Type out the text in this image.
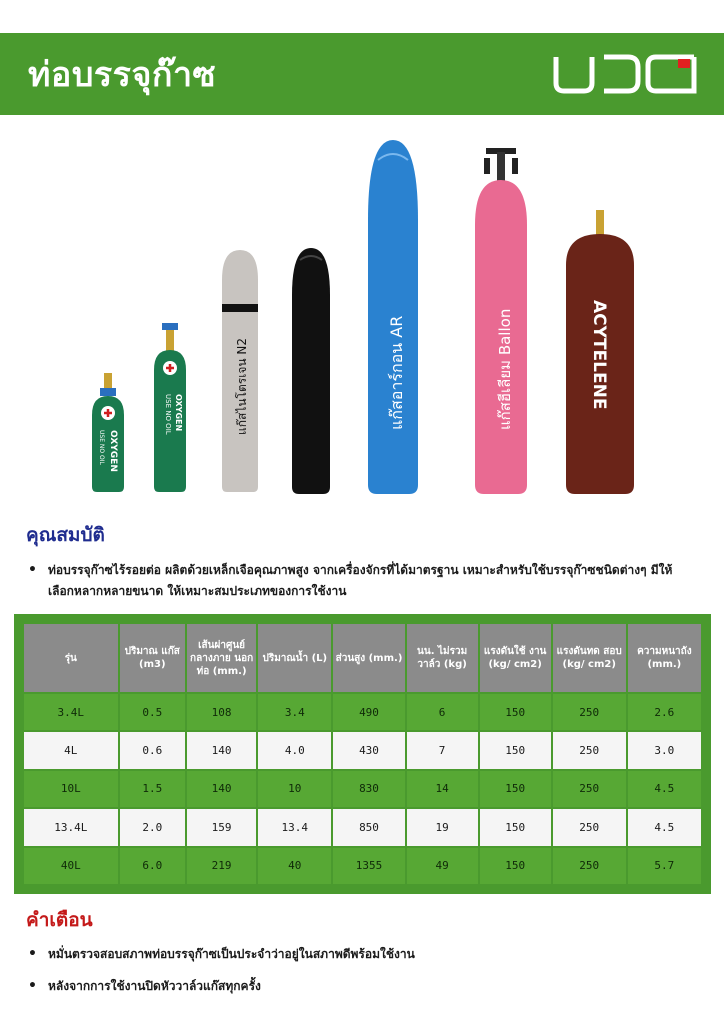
ท่อบรรจุก๊าซ
OXYGEN
USE NO OIL
OXYGEN
USE NO OIL	แก๊สไนโตรเจน N2	แก๊สอาร์กอน AR	แก๊สฮีเลียม Ballon	ACYTELENE
คุณสมบัติ
• ท่อบรรจุก๊าซไร้รอยต่อ ผลิตด้วยเหล็กเจือคุณภาพสูง จากเครื่องจักรที่ได้มาตรฐาน เหมาะสำหรับใช้บรรจุก๊าซชนิดต่างๆ มีให้เลือกหลากหลายขนาด ให้เหมาะสมประเภทของการใช้งาน
รุ่น	ปริมาณ แก๊ส (m3)	เส้นผ่าศูนย์ กลางภาย นอกท่อ (mm.)	ปริมาณน้ำ (L)	ส่วนสูง (mm.)	นน. ไม่รวม วาล์ว (kg)	แรงดันใช้ งาน (kg/ cm2)	แรงดันทด สอบ (kg/ cm2)	ความหนาถัง (mm.)
3.4L	0.5	108	3.4	490	6	150	250	2.6
4L	0.6	140	4.0	430	7	150	250	3.0
10L	1.5	140	10	830	14	150	250	4.5
13.4L	2.0	159	13.4	850	19	150	250	4.5
40L	6.0	219	40	1355	49	150	250	5.7
คำเตือน
• หมั่นตรวจสอบสภาพท่อบรรจุก๊าซเป็นประจำว่าอยู่ในสภาพดีพร้อมใช้งาน
• หลังจากการใช้งานปิดหัววาล์วแก๊สทุกครั้ง
